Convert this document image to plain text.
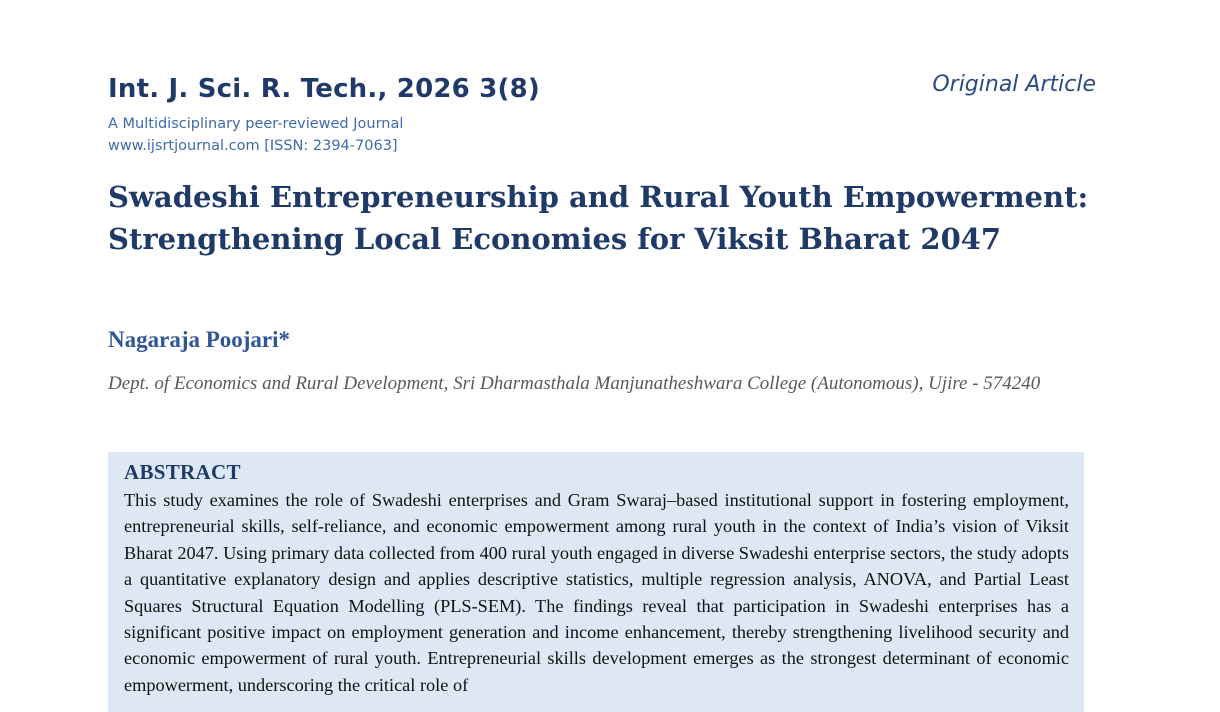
Int. J. Sci. R. Tech., 2026 3(8)	Original Article
A Multidisciplinary peer-reviewed Journal
www.ijsrtjournal.com [ISSN: 2394-7063]
Swadeshi Entrepreneurship and Rural Youth Empowerment: Strengthening Local Economies for Viksit Bharat 2047
Nagaraja Poojari*
Dept. of Economics and Rural Development, Sri Dharmasthala Manjunatheshwara College (Autonomous), Ujire - 574240
ABSTRACT

This study examines the role of Swadeshi enterprises and Gram Swaraj–based institutional support in fostering employment, entrepreneurial skills, self-reliance, and economic empowerment among rural youth in the context of India’s vision of Viksit Bharat 2047. Using primary data collected from 400 rural youth engaged in diverse Swadeshi enterprise sectors, the study adopts a quantitative explanatory design and applies descriptive statistics, multiple regression analysis, ANOVA, and Partial Least Squares Structural Equation Modelling (PLS-SEM). The findings reveal that participation in Swadeshi enterprises has a significant positive impact on employment generation and income enhancement, thereby strengthening livelihood security and economic empowerment of rural youth. Entrepreneurial skills development emerges as the strongest determinant of economic empowerment, underscoring the critical role of
